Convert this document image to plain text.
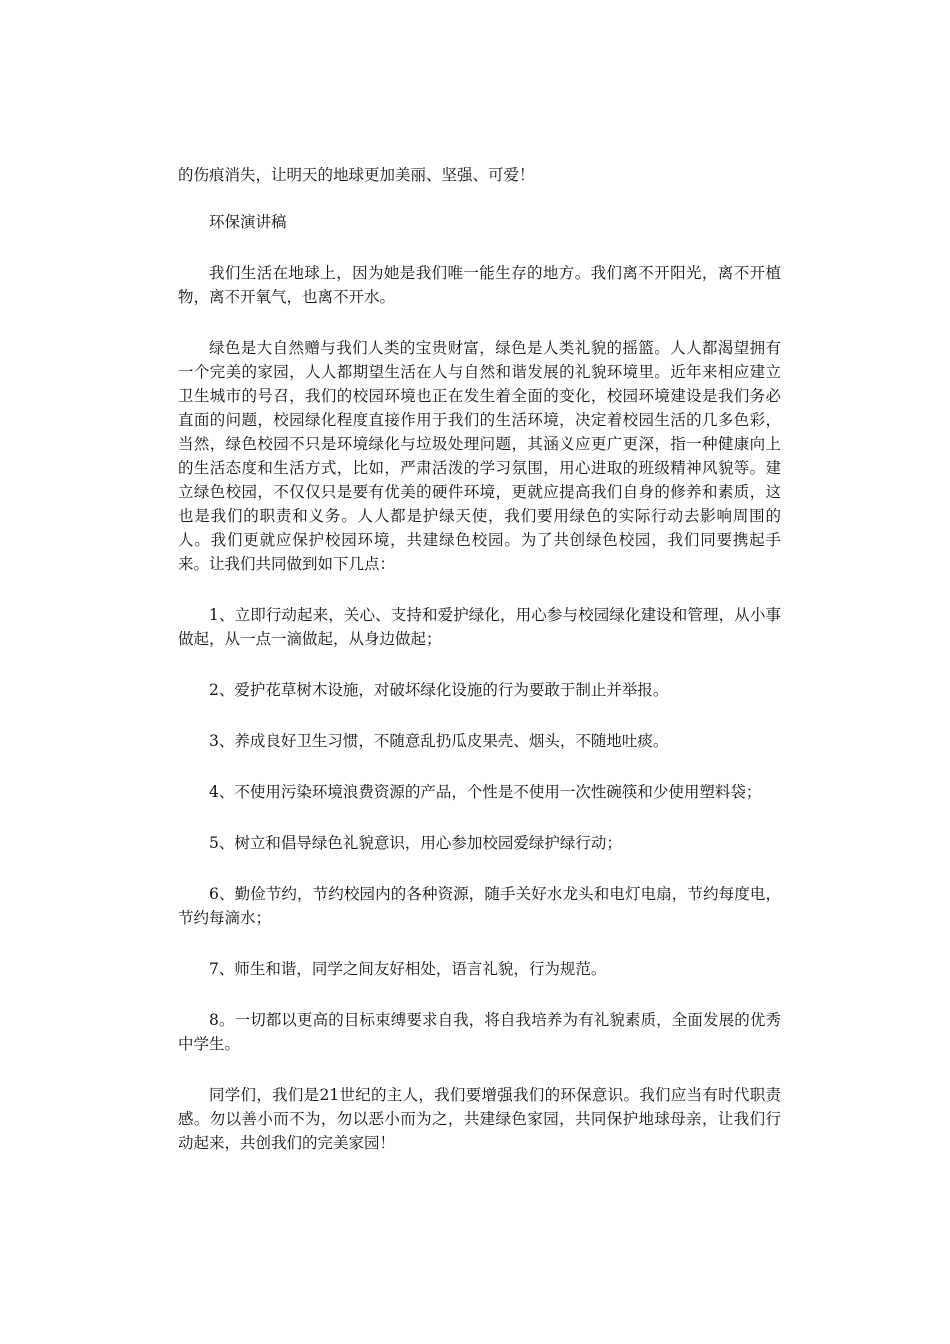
的伤痕消失，让明天的地球更加美丽、坚强、可爱！

环保演讲稿

我们生活在地球上，因为她是我们唯一能生存的地方。我们离不开阳光，离不开植物，离不开氧气，也离不开水。

绿色是大自然赠与我们人类的宝贵财富，绿色是人类礼貌的摇篮。人人都渴望拥有一个完美的家园，人人都期望生活在人与自然和谐发展的礼貌环境里。近年来相应建立卫生城市的号召，我们的校园环境也正在发生着全面的变化，校园环境建设是我们务必直面的问题，校园绿化程度直接作用于我们的生活环境，决定着校园生活的几多色彩，当然，绿色校园不只是环境绿化与垃圾处理问题，其涵义应更广更深，指一种健康向上的生活态度和生活方式，比如，严肃活泼的学习氛围，用心进取的班级精神风貌等。建立绿色校园，不仅仅只是要有优美的硬件环境，更就应提高我们自身的修养和素质，这也是我们的职责和义务。人人都是护绿天使，我们要用绿色的实际行动去影响周围的人。我们更就应保护校园环境，共建绿色校园。为了共创绿色校园，我们同要携起手来。让我们共同做到如下几点：

1、立即行动起来，关心、支持和爱护绿化，用心参与校园绿化建设和管理，从小事做起，从一点一滴做起，从身边做起；

2、爱护花草树木设施，对破坏绿化设施的行为要敢于制止并举报。

3、养成良好卫生习惯，不随意乱扔瓜皮果壳、烟头，不随地吐痰。

4、不使用污染环境浪费资源的产品，个性是不使用一次性碗筷和少使用塑料袋；

5、树立和倡导绿色礼貌意识，用心参加校园爱绿护绿行动；

6、勤俭节约，节约校园内的各种资源，随手关好水龙头和电灯电扇，节约每度电，节约每滴水；

7、师生和谐，同学之间友好相处，语言礼貌，行为规范。

8。一切都以更高的目标束缚要求自我，将自我培养为有礼貌素质，全面发展的优秀中学生。

同学们，我们是21世纪的主人，我们要增强我们的环保意识。我们应当有时代职责感。勿以善小而不为，勿以恶小而为之，共建绿色家园，共同保护地球母亲，让我们行动起来，共创我们的完美家园！
